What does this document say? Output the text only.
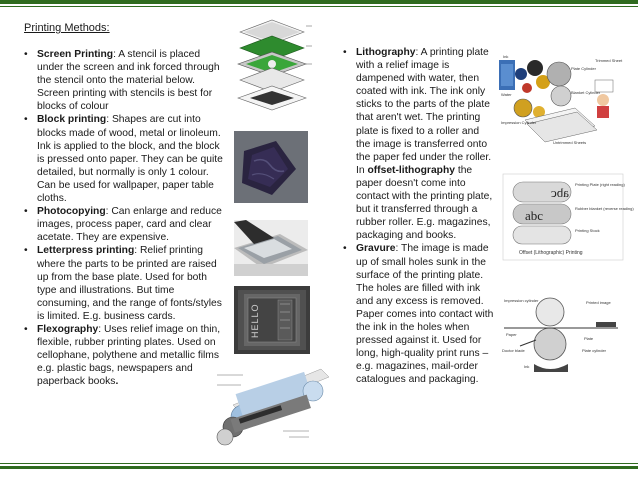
Printing Methods:
• Screen Printing: A stencil is placed under the screen and ink forced through the stencil onto the material below. Screen printing with stencils is best for blocks of colour
• Block printing: Shapes are cut into blocks made of wood, metal or linoleum. Ink is applied to the block, and the block is pressed onto paper. They can be quite detailed, but normally is only 1 colour. Can be used for wallpaper, paper table cloths.
• Photocopying: Can enlarge and reduce images, process paper, card and clear acetate. They are expensive.
• Letterpress printing: Relief printing where the parts to be printed are raised up from the base plate. Used for both type and illustrations. But time consuming, and the range of fonts/styles is limited. E.g. business cards.
• Flexography: Uses relief image on thin, flexible, rubber printing plates. Used on cellophane, polythene and metallic films e.g. plastic bags, newspapers and paperback books.
• Lithography: A printing plate with a relief image is dampened with water, then coated with ink. The ink only sticks to the parts of the plate that aren't wet. The printing plate is fixed to a roller and the image is transferred onto the paper fed under the roller. In offset-lithography the paper doesn't come into contact with the printing plate, but it transferred through a rubber roller. E.g. magazines, packaging and books.
• Gravure: The image is made up of small holes sunk in the surface of the printing plate. The holes are filled with ink and any excess is removed. Paper comes into contact with the ink in the holes when pressed against it. Used for long, high-quality print runs – e.g. magazines, mail-order catalogues and packaging.
HELLO
Plate Cylinder
Blanket Cylinder
Impression Cylinder
Water
Ink
Trimmed Sheet
Untrimmed Sheets
abc
abc
Printing Plate (right reading)
Rubber blanket (reverse reading)
Printing Stock
Offset (Lithographic) Printing
Impression cylinder	Printed image
Paper
Doctor blade
Plate
Plate cylinder
Ink
